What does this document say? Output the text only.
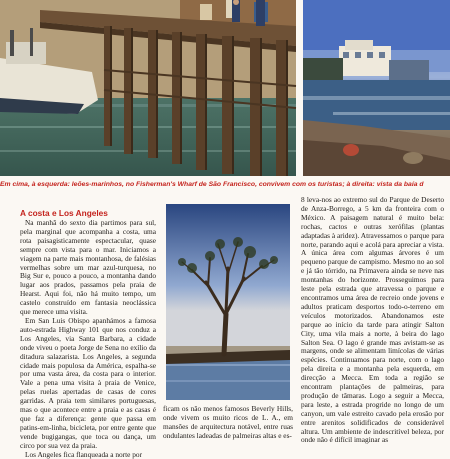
Em cima, à esquerda: leões-marinhos, no Fisherman's Wharf de São Francisco, convivem com os turistas; à direita: vista da baía d

A costa e Los Angeles

Na manhã do sexto dia partimos para sul, pela marginal que acompanha a costa, uma rota paisagisticamente espectacular, quase sempre com vista para o mar. Iniciamos a viagem na parte mais montanhosa, de falésias vermelhas sobre um mar azul-turquesa, no Big Sur e, pouco a pouco, a montanha dando lugar aos prados, passamos pela praia de Hearst. Aqui foi, não há muito tempo, um castelo construído em fantasia neoclássica que merece uma visita.

Em San Luis Obispo apanhámos a famosa auto-estrada Highway 101 que nos conduz a Los Angeles, via Santa Barbara, a cidade onde viveu o poeta Jorge de Sena no exílio da ditadura salazarista. Los Angeles, a segunda cidade mais populosa da América, espalha-se por uma vasta área, da costa para o interior. Vale a pena uma visita à praia de Venice, pelas ruelas apertadas de casas de cores garridas. A praia tem similares portuguesas, mas o que acontece entre a praia e as casas é que faz a diferença: gente que passa em patins-em-linha, bicicleta, por entre gente que vende bugigangas, que toca ou dança, um circo por sua vez da praia.

Los Angeles fica flanqueada a norte por

ficam os não menos famosos Beverly Hills, onde vivem os muito ricos de L. A., em mansões de arquitectura notável, entre ruas ondulantes ladeadas de palmeiras altas e es-

8 leva-nos ao extremo sul do Parque de Deserto de Anza-Borrego, a 5 km da fronteira com o México. A paisagem natural é muito bela: rochas, cactos e outras xerófilas (plantas adaptadas à aridez). Atravessamos o parque para norte, parando aqui e acolá para apreciar a vista. A única área com algumas árvores é um pequeno parque de campismo. Mesmo no ao sol e já tão tórrido, na Primavera ainda se neve nas montanhas do horizonte. Prosseguimos para leste pela estrada que atravessa o parque e encontramos uma área de recreio onde jovens e adultos praticam desportos todo-o-terreno em veículos motorizados. Abandonamos este parque ao início da tarde para atingir Salton City, uma vila mais a norte, à beira do lago Salton Sea. O lago é grande mas avistam-se as margens, onde se alimentam limícolas de várias espécies. Continuamos para norte, com o lago pela direita e a montanha pela esquerda, em direcção a Mecca. Em toda a região se encontram plantações de palmeiras, para produção de tâmaras. Logo a seguir a Mecca, para leste, a estrada progride no longo de um canyon, um vale estreito cavado pela erosão por entre arenitos solidificados de considerável altura. Um ambiente de indescritível beleza, por onde não é difícil imaginar as
